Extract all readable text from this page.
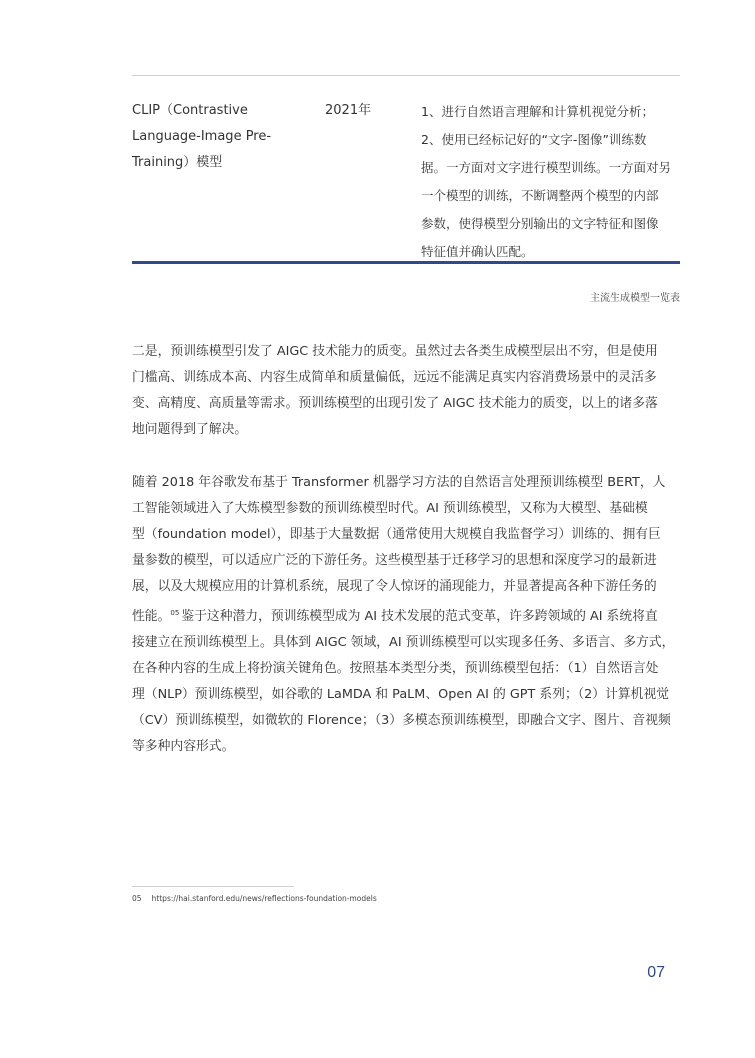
CLIP（Contrastive
Language-Image Pre-
Training）模型
2021年	1、进行自然语言理解和计算机视觉分析；
2、使用已经标记好的“文字-图像”训练数
据。一方面对文字进行模型训练。一方面对另
一个模型的训练，不断调整两个模型的内部
参数，使得模型分别输出的文字特征和图像
特征值并确认匹配。
主流生成模型一览表
二是，预训练模型引发了 AIGC 技术能力的质变。虽然过去各类生成模型层出不穷，但是使用
门槛高、训练成本高、内容生成简单和质量偏低，远远不能满足真实内容消费场景中的灵活多
变、高精度、高质量等需求。预训练模型的出现引发了 AIGC 技术能力的质变，以上的诸多落
地问题得到了解决。
随着 2018 年谷歌发布基于 Transformer 机器学习方法的自然语言处理预训练模型 BERT，人
工智能领域进入了大炼模型参数的预训练模型时代。AI 预训练模型，又称为大模型、基础模
型（foundation model），即基于大量数据（通常使用大规模自我监督学习）训练的、拥有巨
量参数的模型，可以适应广泛的下游任务。这些模型基于迁移学习的思想和深度学习的最新进
展，以及大规模应用的计算机系统，展现了令人惊讶的涌现能力，并显著提高各种下游任务的
性能。$^{05}$ 鉴于这种潜力，预训练模型成为 AI 技术发展的范式变革，许多跨领域的 AI 系统将直
接建立在预训练模型上。具体到 AIGC 领域，AI 预训练模型可以实现多任务、多语言、多方式，
在各种内容的生成上将扮演关键角色。按照基本类型分类，预训练模型包括：（1）自然语言处
理（NLP）预训练模型，如谷歌的 LaMDA 和 PaLM、Open AI 的 GPT 系列；（2）计算机视觉
（CV）预训练模型，如微软的 Florence；（3）多模态预训练模型，即融合文字、图片、音视频
等多种内容形式。
05 https://hai.stanford.edu/news/reflections-foundation-models
07
